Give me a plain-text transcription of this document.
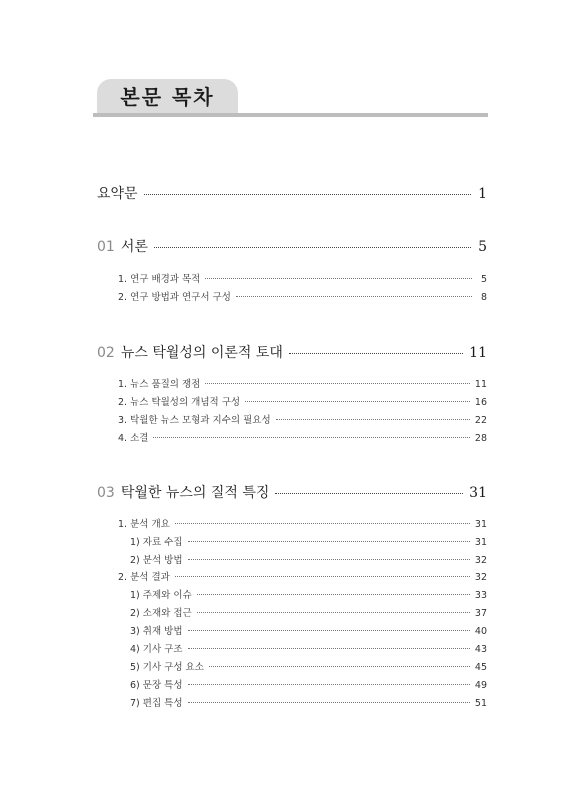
본문 목차
요약문	1
01 서론	5
1. 연구 배경과 목적	5
2. 연구 방법과 연구서 구성	8
02 뉴스 탁월성의 이론적 토대	11
1. 뉴스 품질의 쟁점	11
2. 뉴스 탁월성의 개념적 구성	16
3. 탁월한 뉴스 모형과 지수의 필요성	22
4. 소결	28
03 탁월한 뉴스의 질적 특징	31
1. 분석 개요	31
1) 자료 수집	31
2) 분석 방법	32
2. 분석 결과	32
1) 주제와 이슈	33
2) 소재와 접근	37
3) 취재 방법	40
4) 기사 구조	43
5) 기사 구성 요소	45
6) 문장 특성	49
7) 편집 특성	51
